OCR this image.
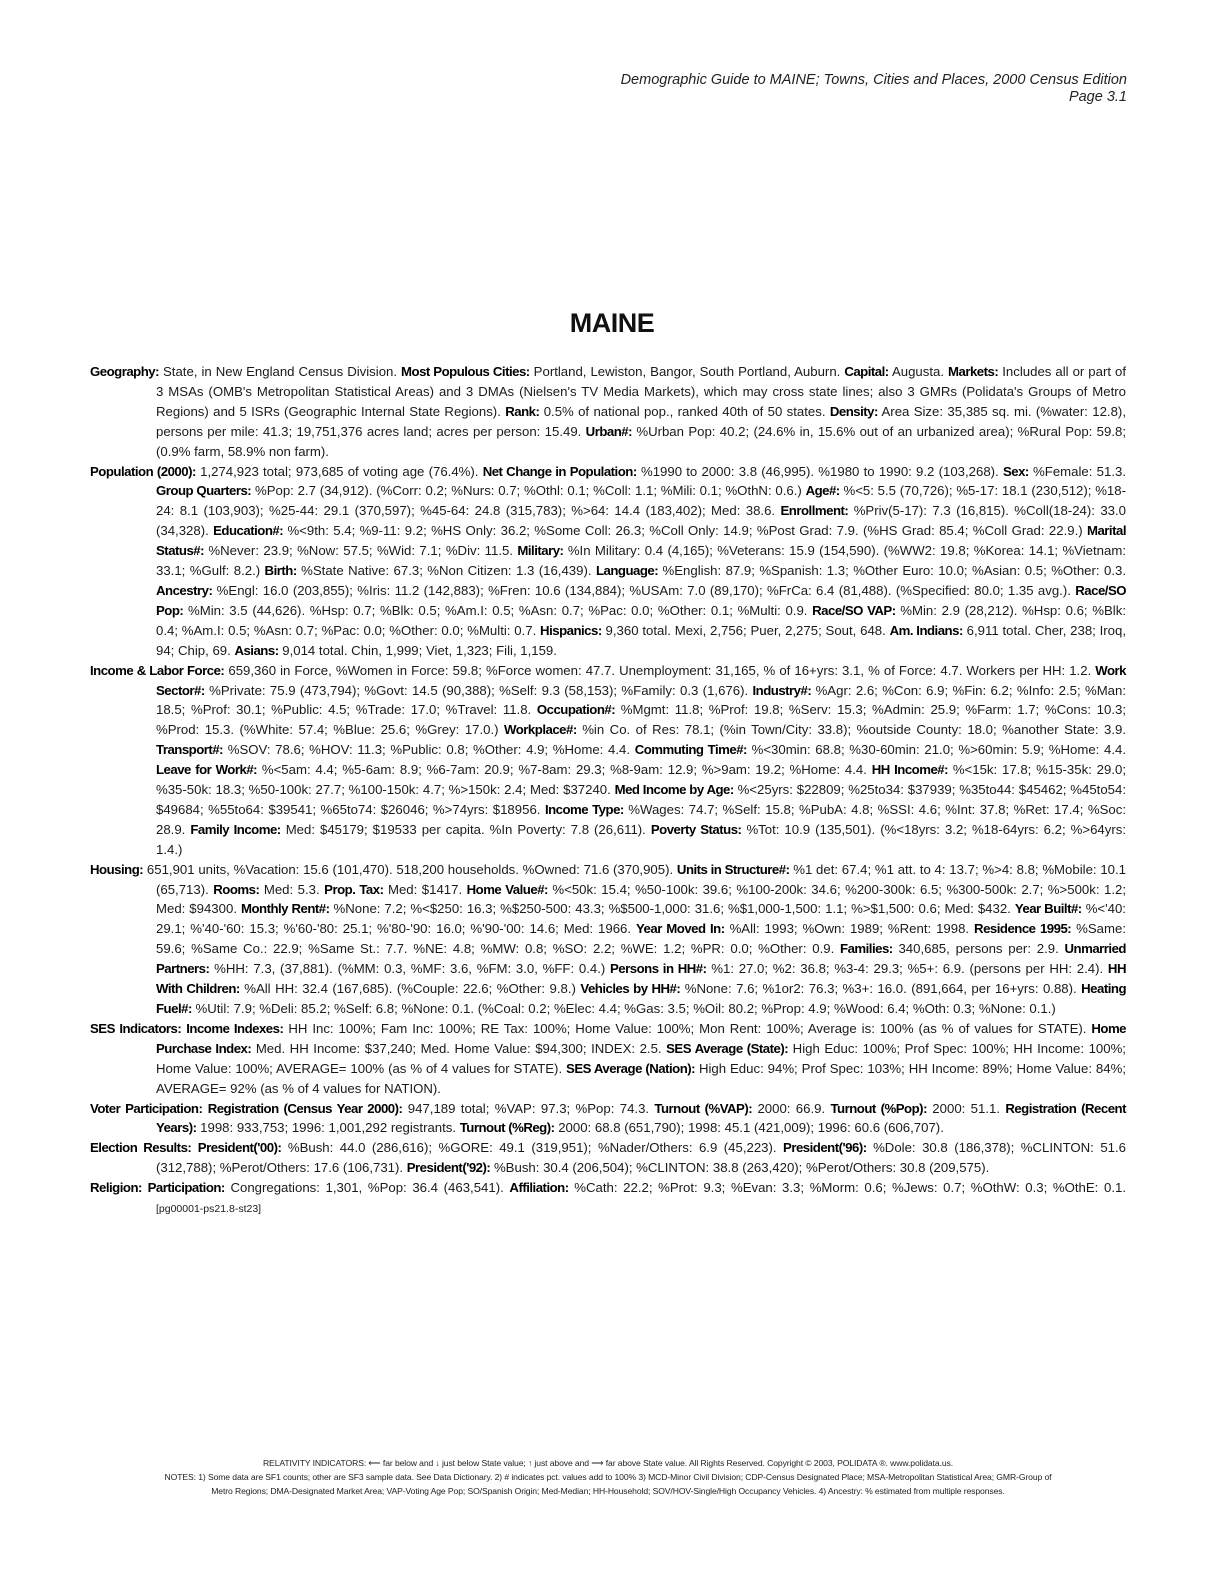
Demographic Guide to MAINE; Towns, Cities and Places, 2000 Census Edition
Page 3.1
MAINE

Geography: State, in New England Census Division. Most Populous Cities: Portland, Lewiston, Bangor, South Portland, Auburn. Capital: Augusta. Markets: Includes all or part of 3 MSAs (OMB's Metropolitan Statistical Areas) and 3 DMAs (Nielsen's TV Media Markets), which may cross state lines; also 3 GMRs (Polidata's Groups of Metro Regions) and 5 ISRs (Geographic Internal State Regions). Rank: 0.5% of national pop., ranked 40th of 50 states. Density: Area Size: 35,385 sq. mi. (%water: 12.8), persons per mile: 41.3; 19,751,376 acres land; acres per person: 15.49. Urban#: %Urban Pop: 40.2; (24.6% in, 15.6% out of an urbanized area); %Rural Pop: 59.8; (0.9% farm, 58.9% non farm).

Population (2000): 1,274,923 total; 973,685 of voting age (76.4%). Net Change in Population: %1990 to 2000: 3.8 (46,995). %1980 to 1990: 9.2 (103,268). Sex: %Female: 51.3. Group Quarters: %Pop: 2.7 (34,912). (%Corr: 0.2; %Nurs: 0.7; %Othl: 0.1; %Coll: 1.1; %Mili: 0.1; %OthN: 0.6.) Age#: %<5: 5.5 (70,726); %5-17: 18.1 (230,512); %18-24: 8.1 (103,903); %25-44: 29.1 (370,597); %45-64: 24.8 (315,783); %>64: 14.4 (183,402); Med: 38.6. Enrollment: %Priv(5-17): 7.3 (16,815). %Coll(18-24): 33.0 (34,328). Education#: %<9th: 5.4; %9-11: 9.2; %HS Only: 36.2; %Some Coll: 26.3; %Coll Only: 14.9; %Post Grad: 7.9. (%HS Grad: 85.4; %Coll Grad: 22.9.) Marital Status#: %Never: 23.9; %Now: 57.5; %Wid: 7.1; %Div: 11.5. Military: %In Military: 0.4 (4,165); %Veterans: 15.9 (154,590). (%WW2: 19.8; %Korea: 14.1; %Vietnam: 33.1; %Gulf: 8.2.) Birth: %State Native: 67.3; %Non Citizen: 1.3 (16,439). Language: %English: 87.9; %Spanish: 1.3; %Other Euro: 10.0; %Asian: 0.5; %Other: 0.3. Ancestry: %Engl: 16.0 (203,855); %Iris: 11.2 (142,883); %Fren: 10.6 (134,884); %USAm: 7.0 (89,170); %FrCa: 6.4 (81,488). (%Specified: 80.0; 1.35 avg.). Race/SO Pop: %Min: 3.5 (44,626). %Hsp: 0.7; %Blk: 0.5; %Am.I: 0.5; %Asn: 0.7; %Pac: 0.0; %Other: 0.1; %Multi: 0.9. Race/SO VAP: %Min: 2.9 (28,212). %Hsp: 0.6; %Blk: 0.4; %Am.I: 0.5; %Asn: 0.7; %Pac: 0.0; %Other: 0.0; %Multi: 0.7. Hispanics: 9,360 total. Mexi, 2,756; Puer, 2,275; Sout, 648. Am. Indians: 6,911 total. Cher, 238; Iroq, 94; Chip, 69. Asians: 9,014 total. Chin, 1,999; Viet, 1,323; Fili, 1,159.

Income & Labor Force: 659,360 in Force, %Women in Force: 59.8; %Force women: 47.7. Unemployment: 31,165, % of 16+yrs: 3.1, % of Force: 4.7. Workers per HH: 1.2. Work Sector#: %Private: 75.9 (473,794); %Govt: 14.5 (90,388); %Self: 9.3 (58,153); %Family: 0.3 (1,676). Industry#: %Agr: 2.6; %Con: 6.9; %Fin: 6.2; %Info: 2.5; %Man: 18.5; %Prof: 30.1; %Public: 4.5; %Trade: 17.0; %Travel: 11.8. Occupation#: %Mgmt: 11.8; %Prof: 19.8; %Serv: 15.3; %Admin: 25.9; %Farm: 1.7; %Cons: 10.3; %Prod: 15.3. (%White: 57.4; %Blue: 25.6; %Grey: 17.0.) Workplace#: %in Co. of Res: 78.1; (%in Town/City: 33.8); %outside County: 18.0; %another State: 3.9. Transport#: %SOV: 78.6; %HOV: 11.3; %Public: 0.8; %Other: 4.9; %Home: 4.4. Commuting Time#: %<30min: 68.8; %30-60min: 21.0; %>60min: 5.9; %Home: 4.4. Leave for Work#: %<5am: 4.4; %5-6am: 8.9; %6-7am: 20.9; %7-8am: 29.3; %8-9am: 12.9; %>9am: 19.2; %Home: 4.4. HH Income#: %<15k: 17.8; %15-35k: 29.0; %35-50k: 18.3; %50-100k: 27.7; %100-150k: 4.7; %>150k: 2.4; Med: $37240. Med Income by Age: %<25yrs: $22809; %25to34: $37939; %35to44: $45462; %45to54: $49684; %55to64: $39541; %65to74: $26046; %>74yrs: $18956. Income Type: %Wages: 74.7; %Self: 15.8; %PubA: 4.8; %SSI: 4.6; %Int: 37.8; %Ret: 17.4; %Soc: 28.9. Family Income: Med: $45179; $19533 per capita. %In Poverty: 7.8 (26,611). Poverty Status: %Tot: 10.9 (135,501). (%<18yrs: 3.2; %18-64yrs: 6.2; %>64yrs: 1.4.)

Housing: 651,901 units, %Vacation: 15.6 (101,470). 518,200 households. %Owned: 71.6 (370,905). Units in Structure#: %1 det: 67.4; %1 att. to 4: 13.7; %>4: 8.8; %Mobile: 10.1 (65,713). Rooms: Med: 5.3. Prop. Tax: Med: $1417. Home Value#: %<50k: 15.4; %50-100k: 39.6; %100-200k: 34.6; %200-300k: 6.5; %300-500k: 2.7; %>500k: 1.2; Med: $94300. Monthly Rent#: %None: 7.2; %<$250: 16.3; %$250-500: 43.3; %$500-1,000: 31.6; %$1,000-1,500: 1.1; %>$1,500: 0.6; Med: $432. Year Built#: %<'40: 29.1; %'40-'60: 15.3; %'60-'80: 25.1; %'80-'90: 16.0; %'90-'00: 14.6; Med: 1966. Year Moved In: %All: 1993; %Own: 1989; %Rent: 1998. Residence 1995: %Same: 59.6; %Same Co.: 22.9; %Same St.: 7.7. %NE: 4.8; %MW: 0.8; %SO: 2.2; %WE: 1.2; %PR: 0.0; %Other: 0.9. Families: 340,685, persons per: 2.9. Unmarried Partners: %HH: 7.3, (37,881). (%MM: 0.3, %MF: 3.6, %FM: 3.0, %FF: 0.4.) Persons in HH#: %1: 27.0; %2: 36.8; %3-4: 29.3; %5+: 6.9. (persons per HH: 2.4). HH With Children: %All HH: 32.4 (167,685). (%Couple: 22.6; %Other: 9.8.) Vehicles by HH#: %None: 7.6; %1or2: 76.3; %3+: 16.0. (891,664, per 16+yrs: 0.88). Heating Fuel#: %Util: 7.9; %Deli: 85.2; %Self: 6.8; %None: 0.1. (%Coal: 0.2; %Elec: 4.4; %Gas: 3.5; %Oil: 80.2; %Prop: 4.9; %Wood: 6.4; %Oth: 0.3; %None: 0.1.)

SES Indicators: Income Indexes: HH Inc: 100%; Fam Inc: 100%; RE Tax: 100%; Home Value: 100%; Mon Rent: 100%; Average is: 100% (as % of values for STATE). Home Purchase Index: Med. HH Income: $37,240; Med. Home Value: $94,300; INDEX: 2.5. SES Average (State): High Educ: 100%; Prof Spec: 100%; HH Income: 100%; Home Value: 100%; AVERAGE= 100% (as % of 4 values for STATE). SES Average (Nation): High Educ: 94%; Prof Spec: 103%; HH Income: 89%; Home Value: 84%; AVERAGE= 92% (as % of 4 values for NATION).

Voter Participation: Registration (Census Year 2000): 947,189 total; %VAP: 97.3; %Pop: 74.3. Turnout (%VAP): 2000: 66.9. Turnout (%Pop): 2000: 51.1. Registration (Recent Years): 1998: 933,753; 1996: 1,001,292 registrants. Turnout (%Reg): 2000: 68.8 (651,790); 1998: 45.1 (421,009); 1996: 60.6 (606,707).

Election Results: President('00): %Bush: 44.0 (286,616); %GORE: 49.1 (319,951); %Nader/Others: 6.9 (45,223). President('96): %Dole: 30.8 (186,378); %CLINTON: 51.6 (312,788); %Perot/Others: 17.6 (106,731). President('92): %Bush: 30.4 (206,504); %CLINTON: 38.8 (263,420); %Perot/Others: 30.8 (209,575).

Religion: Participation: Congregations: 1,301, %Pop: 36.4 (463,541). Affiliation: %Cath: 22.2; %Prot: 9.3; %Evan: 3.3; %Morm: 0.6; %Jews: 0.7; %OthW: 0.3; %OthE: 0.1. [pg00001-ps21.8-st23]

RELATIVITY INDICATORS: ⟵ far below and ↓ just below State value; ↑ just above and ⟶ far above State value. All Rights Reserved. Copyright © 2003, POLIDATA ®. www.polidata.us.
NOTES: 1) Some data are SF1 counts; other are SF3 sample data. See Data Dictionary. 2) # indicates pct. values add to 100% 3) MCD-Minor Civil Division; CDP-Census Designated Place; MSA-Metropolitan Statistical Area; GMR-Group of
Metro Regions; DMA-Designated Market Area; VAP-Voting Age Pop; SO/Spanish Origin; Med-Median; HH-Household; SOV/HOV-Single/High Occupancy Vehicles. 4) Ancestry: % estimated from multiple responses.
